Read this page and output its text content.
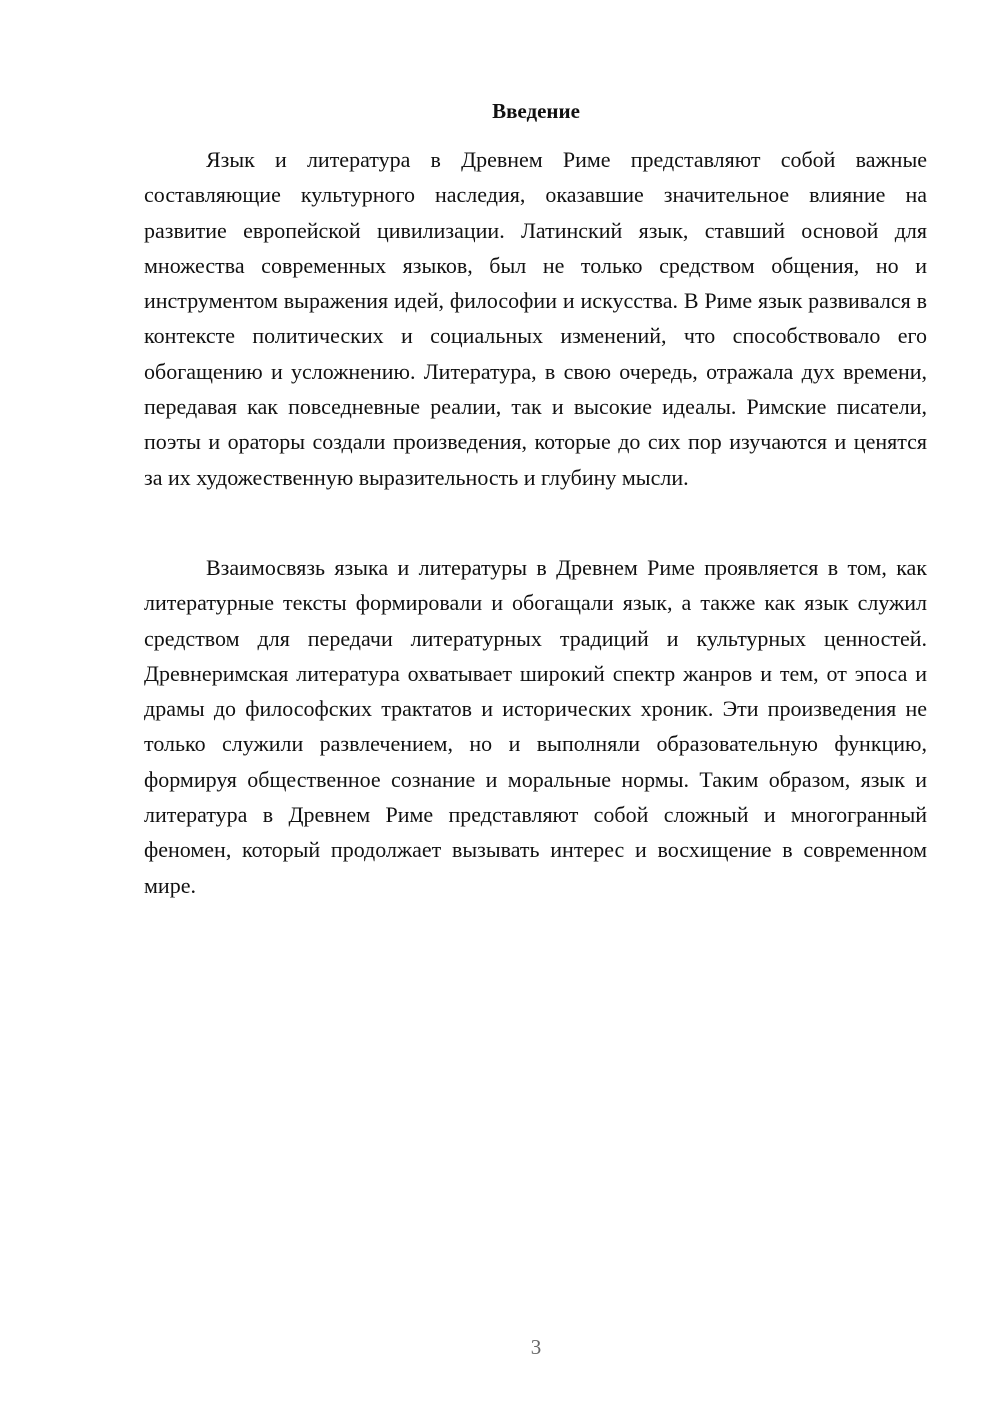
Введение

Язык и литература в Древнем Риме представляют собой важные составляющие культурного наследия, оказавшие значительное влияние на развитие европейской цивилизации. Латинский язык, ставший основой для множества современных языков, был не только средством общения, но и инструментом выражения идей, философии и искусства. В Риме язык развивался в контексте политических и социальных изменений, что способствовало его обогащению и усложнению. Литература, в свою очередь, отражала дух времени, передавая как повседневные реалии, так и высокие идеалы. Римские писатели, поэты и ораторы создали произведения, которые до сих пор изучаются и ценятся за их художественную выразительность и глубину мысли.

Взаимосвязь языка и литературы в Древнем Риме проявляется в том, как литературные тексты формировали и обогащали язык, а также как язык служил средством для передачи литературных традиций и культурных ценностей. Древнеримская литература охватывает широкий спектр жанров и тем, от эпоса и драмы до философских трактатов и исторических хроник. Эти произведения не только служили развлечением, но и выполняли образовательную функцию, формируя общественное сознание и моральные нормы. Таким образом, язык и литература в Древнем Риме представляют собой сложный и многогранный феномен, который продолжает вызывать интерес и восхищение в современном мире.

3
